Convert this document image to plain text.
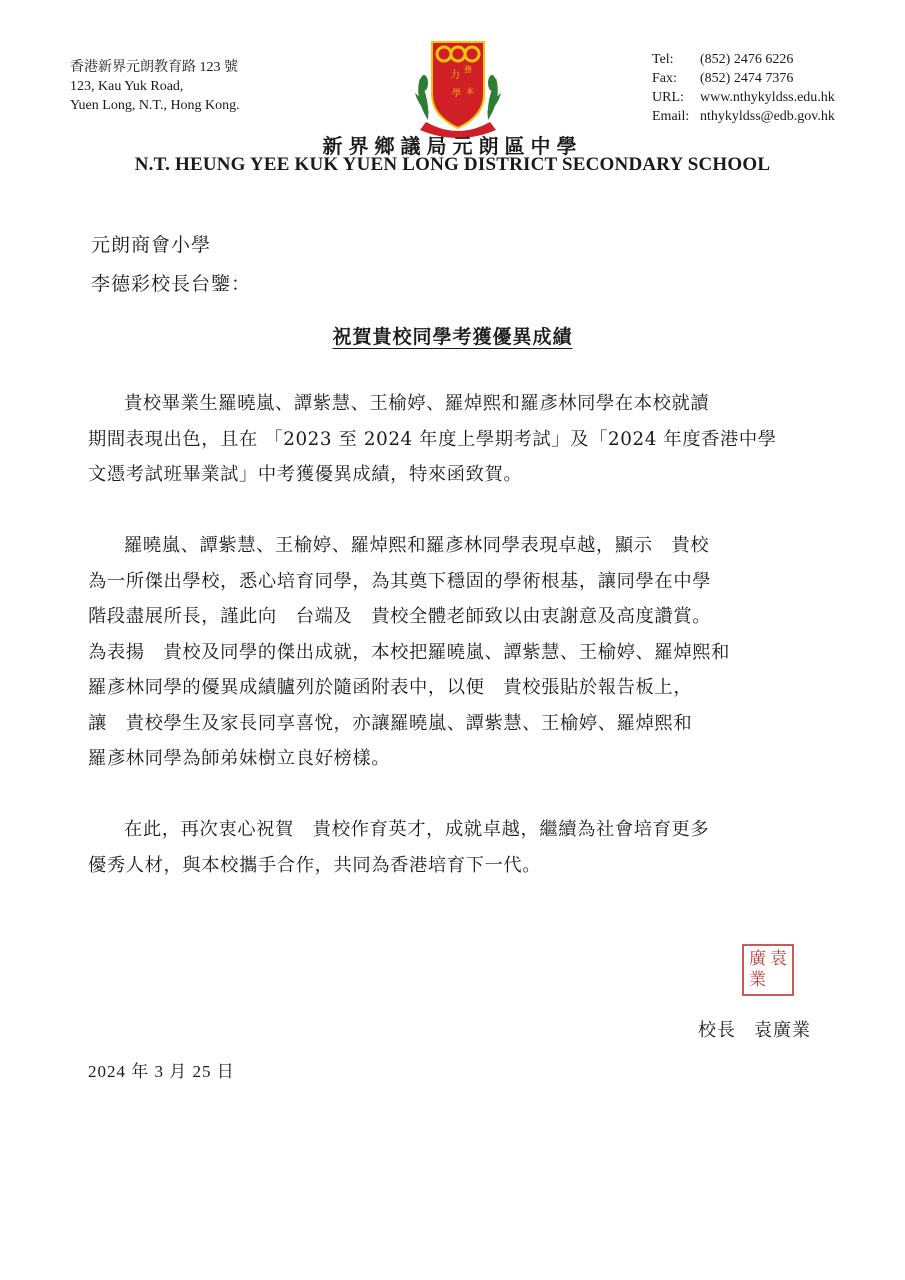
香港新界元朗教育路 123 號
123, Kau Yuk Road,
Yuen Long, N.T., Hong Kong.
力
務
學 本
Tel:	(852) 2476 6226
Fax:	(852) 2474 7376
URL:	www.nthykyldss.edu.hk
Email: nthykyldss@edb.gov.hk
新界鄉議局元朗區中學
N.T. HEUNG YEE KUK YUEN LONG DISTRICT SECONDARY SCHOOL
元朗商會小學
李德彩校長台鑒：
祝賀貴校同學考獲優異成績
貴校畢業生羅曉嵐、譚紫慧、王榆婷、羅焯熙和羅彥林同學在本校就讀
期間表現出色，且在 「2023 至 2024 年度上學期考試」及「2024 年度香港中學
文憑考試班畢業試」中考獲優異成績，特來函致賀。
羅曉嵐、譚紫慧、王榆婷、羅焯熙和羅彥林同學表現卓越，顯示　貴校
為一所傑出學校，悉心培育同學，為其奠下穩固的學術根基，讓同學在中學
階段盡展所長，謹此向　台端及　貴校全體老師致以由衷謝意及高度讚賞。
為表揚　貴校及同學的傑出成就，本校把羅曉嵐、譚紫慧、王榆婷、羅焯熙和
羅彥林同學的優異成績臚列於隨函附表中，以便　貴校張貼於報告板上，
讓　貴校學生及家長同享喜悅，亦讓羅曉嵐、譚紫慧、王榆婷、羅焯熙和
羅彥林同學為師弟妹樹立良好榜樣。
在此，再次衷心祝賀　貴校作育英才，成就卓越，繼續為社會培育更多
優秀人材，與本校攜手合作，共同為香港培育下一代。
廣 袁
業
校長 袁廣業
2024 年 3 月 25 日
